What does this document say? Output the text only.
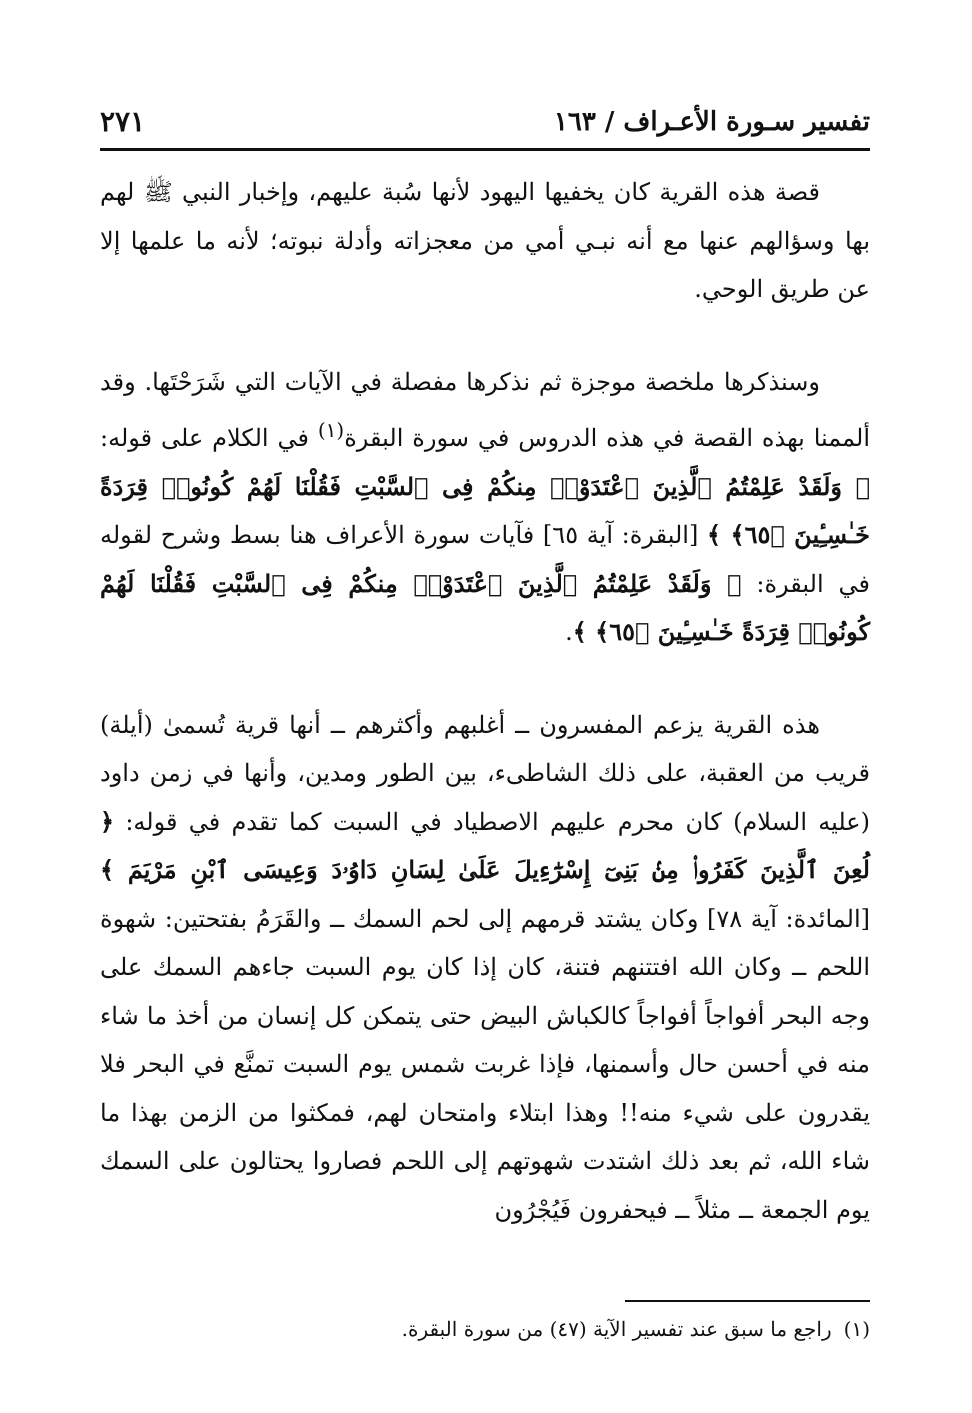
تفسير سـورة الأعـراف / ١٦٣
٢٧١

قصة هذه القرية كان يخفيها اليهود لأنها سُبة عليهم، وإخبار النبي ﷺ لهم بها وسؤالهم عنها مع أنه نبـي أمي من معجزاته وأدلة نبوته؛ لأنه ما علمها إلا عن طريق الوحي.

وسنذكرها ملخصة موجزة ثم نذكرها مفصلة في الآيات التي شَرَحْتَها. وقد ألممنا بهذه القصة في هذه الدروس في سورة البقرة$^{(١)}$ في الكلام على قوله: ﴿ وَلَقَدْ عَلِمْتُمُ ٱلَّذِينَ ٱعْتَدَوْا۟ مِنكُمْ فِى ٱلسَّبْتِ فَقُلْنَا لَهُمْ كُونُوا۟ قِرَدَةً خَـٰسِـِٔينَ ﴿٦٥﴾ ﴾ [البقرة: آية ٦٥] فآيات سورة الأعراف هنا بسط وشرح لقوله في البقرة: ﴿ وَلَقَدْ عَلِمْتُمُ ٱلَّذِينَ ٱعْتَدَوْا۟ مِنكُمْ فِى ٱلسَّبْتِ فَقُلْنَا لَهُمْ كُونُوا۟ قِرَدَةً خَـٰسِـِٔينَ ﴿٦٥﴾ ﴾.

هذه القرية يزعم المفسرون ــ أغلبهم وأكثرهم ــ أنها قرية تُسمىٰ (أيلة) قريب من العقبة، على ذلك الشاطىء، بين الطور ومدين، وأنها في زمن داود (عليه السلام) كان محرم عليهم الاصطياد في السبت كما تقدم في قوله: ﴿ لُعِنَ ٱلَّذِينَ كَفَرُوا۟ مِنۢ بَنِىٓ إِسْرَٰٓءِيلَ عَلَىٰ لِسَانِ دَاوُۥدَ وَعِيسَى ٱبْنِ مَرْيَمَ ﴾ [المائدة: آية ٧٨] وكان يشتد قرمهم إلى لحم السمك ــ والقَرَمُ بفتحتين: شهوة اللحم ــ وكان الله افتتنهم فتنة، كان إذا كان يوم السبت جاءهم السمك على وجه البحر أفواجاً أفواجاً كالكباش البيض حتى يتمكن كل إنسان من أخذ ما شاء منه في أحسن حال وأسمنها، فإذا غربت شمس يوم السبت تمنَّع في البحر فلا يقدرون على شيء منه!! وهذا ابتلاء وامتحان لهم، فمكثوا من الزمن بهذا ما شاء الله، ثم بعد ذلك اشتدت شهوتهم إلى اللحم فصاروا يحتالون على السمك يوم الجمعة ــ مثلاً ــ فيحفرون فَيُجْرُون

(١)راجع ما سبق عند تفسير الآية (٤٧) من سورة البقرة.
